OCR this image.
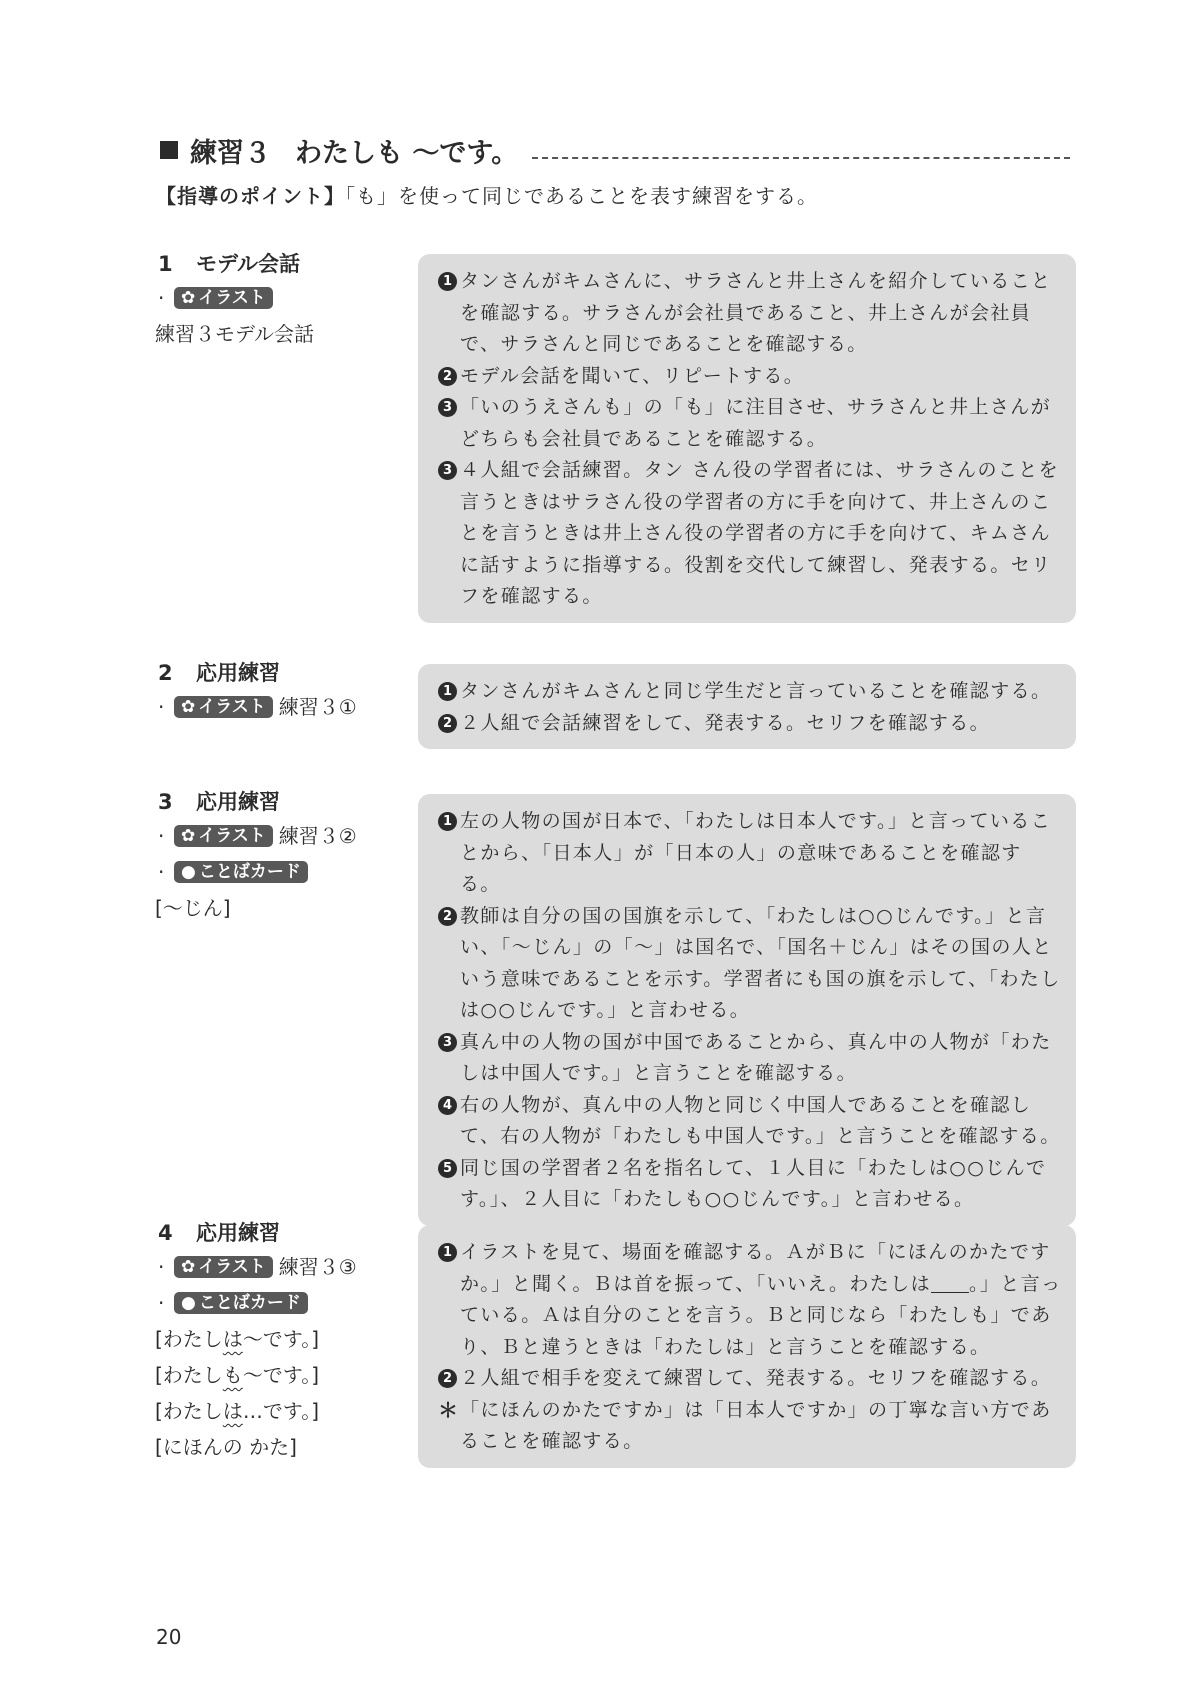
練習３ わたしも ～です。
【指導のポイント】「も」を使って同じであることを表す練習をする。
1 モデル会話
· ✿ イラスト
練習３モデル会話
1 タンさんがキムさんに、サラさんと井上さんを紹介していることを確認する。サラさんが会社員であること、井上さんが会社員で、サラさんと同じであることを確認する。
2 モデル会話を聞いて、リピートする。
3 「いのうえさんも」の「も」に注目させ、サラさんと井上さんがどちらも会社員であることを確認する。
3 ４人組で会話練習。タン さん役の学習者には、サラさんのことを言うときはサラさん役の学習者の方に手を向けて、井上さんのことを言うときは井上さん役の学習者の方に手を向けて、キムさんに話すように指導する。役割を交代して練習し、発表する。セリフを確認する。
2 応用練習
· ✿ イラスト 練習３①
1 タンさんがキムさんと同じ学生だと言っていることを確認する。
2 ２人組で会話練習をして、発表する。セリフを確認する。
3 応用練習
· ✿ イラスト 練習３②
· ● ことばカード
[～じん]
1 左の人物の国が日本で、「わたしは日本人です。」と言っていることから、「日本人」が「日本の人」の意味であることを確認する。
2 教師は自分の国の国旗を示して、「わたしは○○じんです。」と言い、「～じん」の「～」は国名で、「国名＋じん」はその国の人という意味であることを示す。学習者にも国の旗を示して、「わたしは○○じんです。」と言わせる。
3 真ん中の人物の国が中国であることから、真ん中の人物が「わたしは中国人です。」と言うことを確認する。
4 右の人物が、真ん中の人物と同じく中国人であることを確認して、右の人物が「わたしも中国人です。」と言うことを確認する。
5 同じ国の学習者２名を指名して、１人目に「わたしは○○じんです。」、２人目に「わたしも○○じんです。」と言わせる。
4 応用練習
· ✿ イラスト 練習３③
· ● ことばカード
[わたしは～です。]
[わたしも～です。]
[わたしは…です。]
[にほんの かた]
1 イラストを見て、場面を確認する。ＡがＢに「にほんのかたですか。」と聞く。Ｂは首を振って、「いいえ。わたしは 。」と言っている。Ａは自分のことを言う。Ｂと同じなら「わたしも」であり、Ｂと違うときは「わたしは」と言うことを確認する。
2 ２人組で相手を変えて練習して、発表する。セリフを確認する。
＊ 「にほんのかたですか」は「日本人ですか」の丁寧な言い方であることを確認する。
20
